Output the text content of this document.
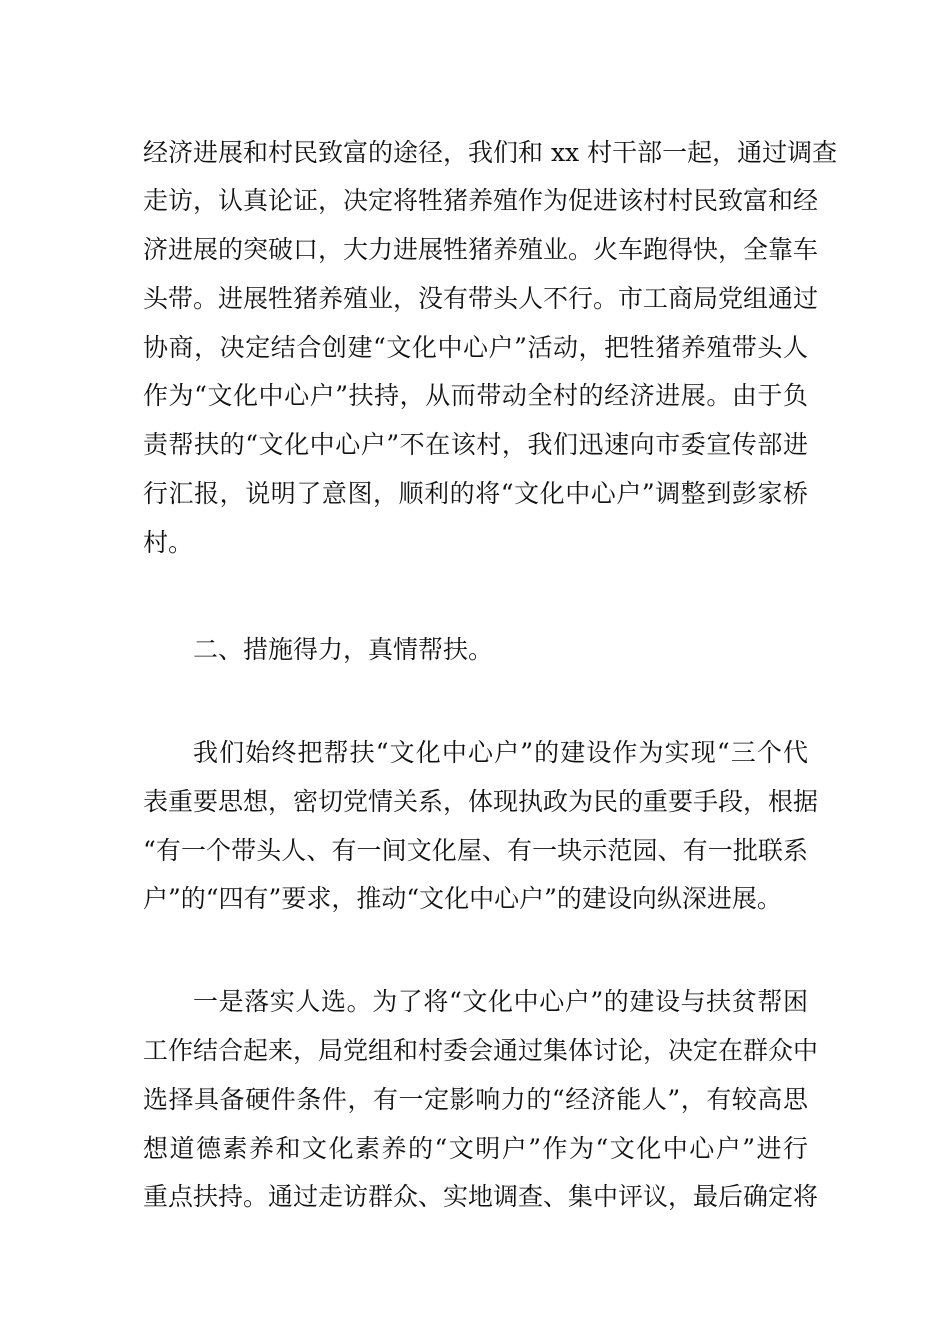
经济进展和村民致富的途径，我们和 xx 村干部一起，通过调查

走访，认真论证，决定将牲猪养殖作为促进该村村民致富和经

济进展的突破口，大力进展牲猪养殖业。火车跑得快，全靠车

头带。进展牲猪养殖业，没有带头人不行。市工商局党组通过

协商，决定结合创建“文化中心户”活动，把牲猪养殖带头人

作为“文化中心户”扶持，从而带动全村的经济进展。由于负

责帮扶的“文化中心户”不在该村，我们迅速向市委宣传部进

行汇报，说明了意图，顺利的将“文化中心户”调整到彭家桥

村。

二、措施得力，真情帮扶。

我们始终把帮扶“文化中心户”的建设作为实现“三个代

表重要思想，密切党情关系，体现执政为民的重要手段，根据

“有一个带头人、有一间文化屋、有一块示范园、有一批联系

户”的“四有”要求，推动“文化中心户”的建设向纵深进展。

一是落实人选。为了将“文化中心户”的建设与扶贫帮困

工作结合起来，局党组和村委会通过集体讨论，决定在群众中

选择具备硬件条件，有一定影响力的“经济能人”，有较高思

想道德素养和文化素养的“文明户”作为“文化中心户”进行

重点扶持。通过走访群众、实地调查、集中评议，最后确定将
